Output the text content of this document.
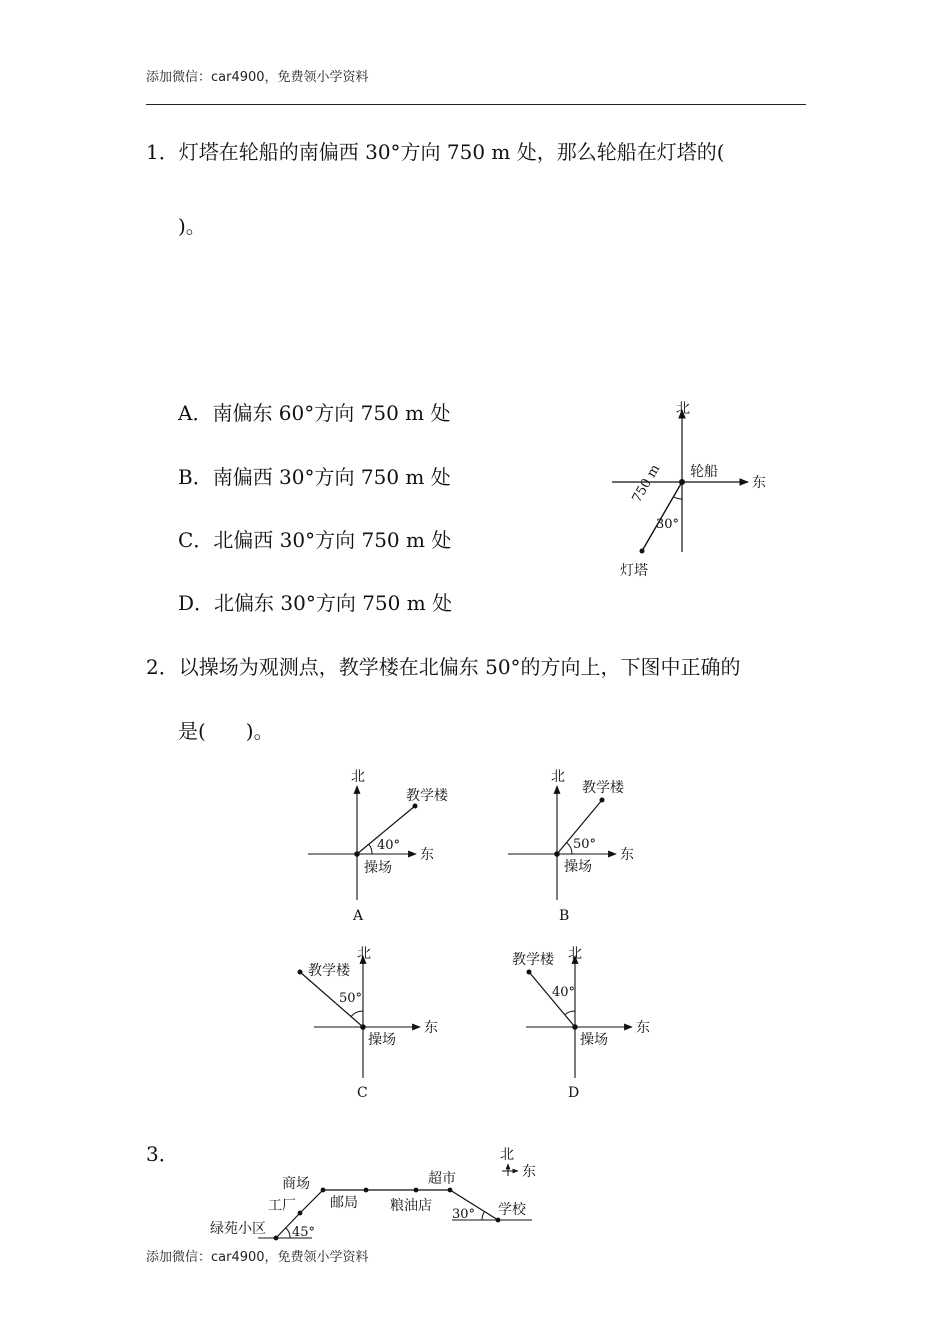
添加微信：car4900，免费领小学资料
1．灯塔在轮船的南偏西 30°方向 750 m 处，那么轮船在灯塔的(
)。
A．南偏东 60°方向 750 m 处
B．南偏西 30°方向 750 m 处
C．北偏西 30°方向 750 m 处
D．北偏东 30°方向 750 m 处
北
东
轮船
30°
750 m
灯塔
2．以操场为观测点，教学楼在北偏东 50°的方向上，下图中正确的
是(　　)。
北
东
教学楼
40°
操场
A
北
东
教学楼
50°
操场
B
北
东
教学楼
50°
操场
C
北
东
教学楼
40°
操场
D
3．	北
东
绿苑小区
工厂
商场
邮局 粮油店
超市
学校
45°
30°
添加微信：car4900，免费领小学资料
